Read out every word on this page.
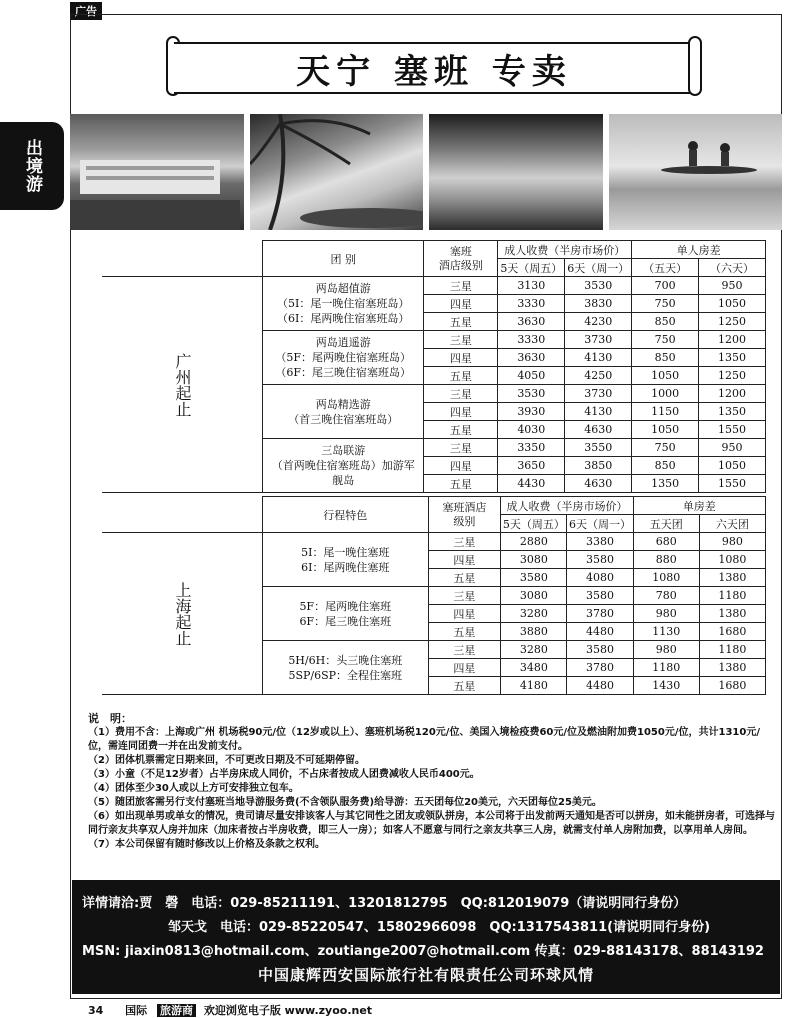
广告
出境游
天宁 塞班 专卖
	团 别	塞班
酒店级别	成人收费（半房市场价）		单人房差	
			5天（周五）	6天（周一）	（五天）	（六天）
广州起止	两岛超值游
（5I：尾一晚住宿塞班岛）
（6I：尾两晚住宿塞班岛）	三星	3130	3530	700	950
		四星	3330	3830	750	1050
		五星	3630	4230	850	1250
	两岛逍遥游
（5F：尾两晚住宿塞班岛）
（6F：尾三晚住宿塞班岛）	三星	3330	3730	750	1200
		四星	3630	4130	850	1350
		五星	4050	4250	1050	1250
	两岛精选游
（首三晚住宿塞班岛）	三星	3530	3730	1000	1200
		四星	3930	4130	1150	1350
		五星	4030	4630	1050	1550
	三岛联游
（首两晚住宿塞班岛）加游军舰岛	三星	3350	3550	750	950
		四星	3650	3850	850	1050
		五星	4430	4630	1350	1550
	行程特色	塞班酒店
级别	成人收费（半房市场价）		单房差	
			5天（周五）	6天（周一）	五天团	六天团
上海起止	5I：尾一晚住塞班
6I：尾两晚住塞班	三星	2880	3380	680	980
		四星	3080	3580	880	1080
		五星	3580	4080	1080	1380
	5F：尾两晚住塞班
6F：尾三晚住塞班	三星	3080	3580	780	1180
		四星	3280	3780	980	1380
		五星	3880	4480	1130	1680
	5H/6H：头三晚住塞班
5SP/6SP：全程住塞班	三星	3280	3580	980	1180
		四星	3480	3780	1180	1380
		五星	4180	4480	1430	1680
说　明：
（1）费用不含：上海或广州 机场税90元/位（12岁或以上）、塞班机场税120元/位、美国入境检疫费60元/位及燃油附加费1050元/位，共计1310元/位，需连同团费一并在出发前支付。
（2）团体机票需定日期来回，不可更改日期及不可延期停留。
（3）小童（不足12岁者）占半房床成人同价，不占床者按成人团费减收人民币400元。
（4）团体至少30人或以上方可安排独立包车。
（5）随团旅客需另行支付塞班当地导游服务费(不含领队服务费)给导游：五天团每位20美元，六天团每位25美元。
（6）如出现单男或单女的情况，贵司请尽量安排该客人与其它同性之团友或领队拼房，本公司将于出发前两天通知是否可以拼房，如未能拼房者，可选择与同行亲友共享双人房并加床（加床者按占半房收费，即三人一房）；如客人不愿意与同行之亲友共享三人房，就需支付单人房附加费，以享用单人房间。
（7）本公司保留有随时修改以上价格及条款之权利。
详情请洽:贾　磬　电话：029-85211191、13201812795　QQ:812019079（请说明同行身份）
邹天戈　电话：029-85220547、15802966098　QQ:1317543811(请说明同行身份)
MSN: jiaxin0813@hotmail.com、zoutiange2007@hotmail.com 传真：029-88143178、88143192
中国康辉西安国际旅行社有限责任公司环球风情
34 国际 旅游商 欢迎浏览电子版 www.zyoo.net
